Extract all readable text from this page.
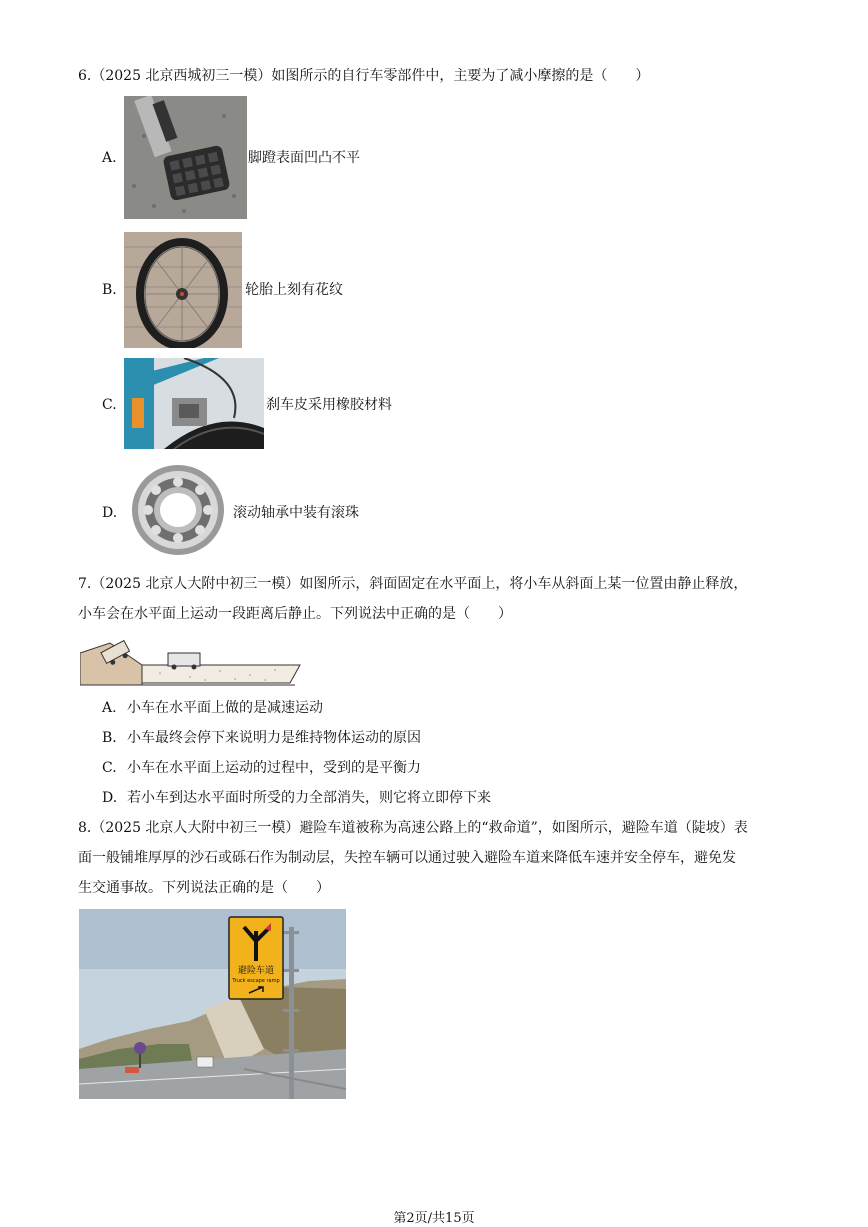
6.（2025 北京西城初三一模）如图所示的自行车零部件中，主要为了减小摩擦的是（　　）
A.	脚蹬表面凹凸不平
B.	轮胎上刻有花纹
C.	刹车皮采用橡胶材料
D.	滚动轴承中装有滚珠
7.（2025 北京人大附中初三一模）如图所示，斜面固定在水平面上，将小车从斜面上某一位置由静止释放，
小车会在水平面上运动一段距离后静止。下列说法中正确的是（　　）
A. 小车在水平面上做的是减速运动
B. 小车最终会停下来说明力是维持物体运动的原因
C. 小车在水平面上运动的过程中，受到的是平衡力
D. 若小车到达水平面时所受的力全部消失，则它将立即停下来
8.（2025 北京人大附中初三一模）避险车道被称为高速公路上的“救命道”，如图所示，避险车道（陡坡）表
面一般铺堆厚厚的沙石或砾石作为制动层，失控车辆可以通过驶入避险车道来降低车速并安全停车，避免发
生交通事故。下列说法正确的是（　　）
避险车道
Truck escape ramp
第2页/共15页
